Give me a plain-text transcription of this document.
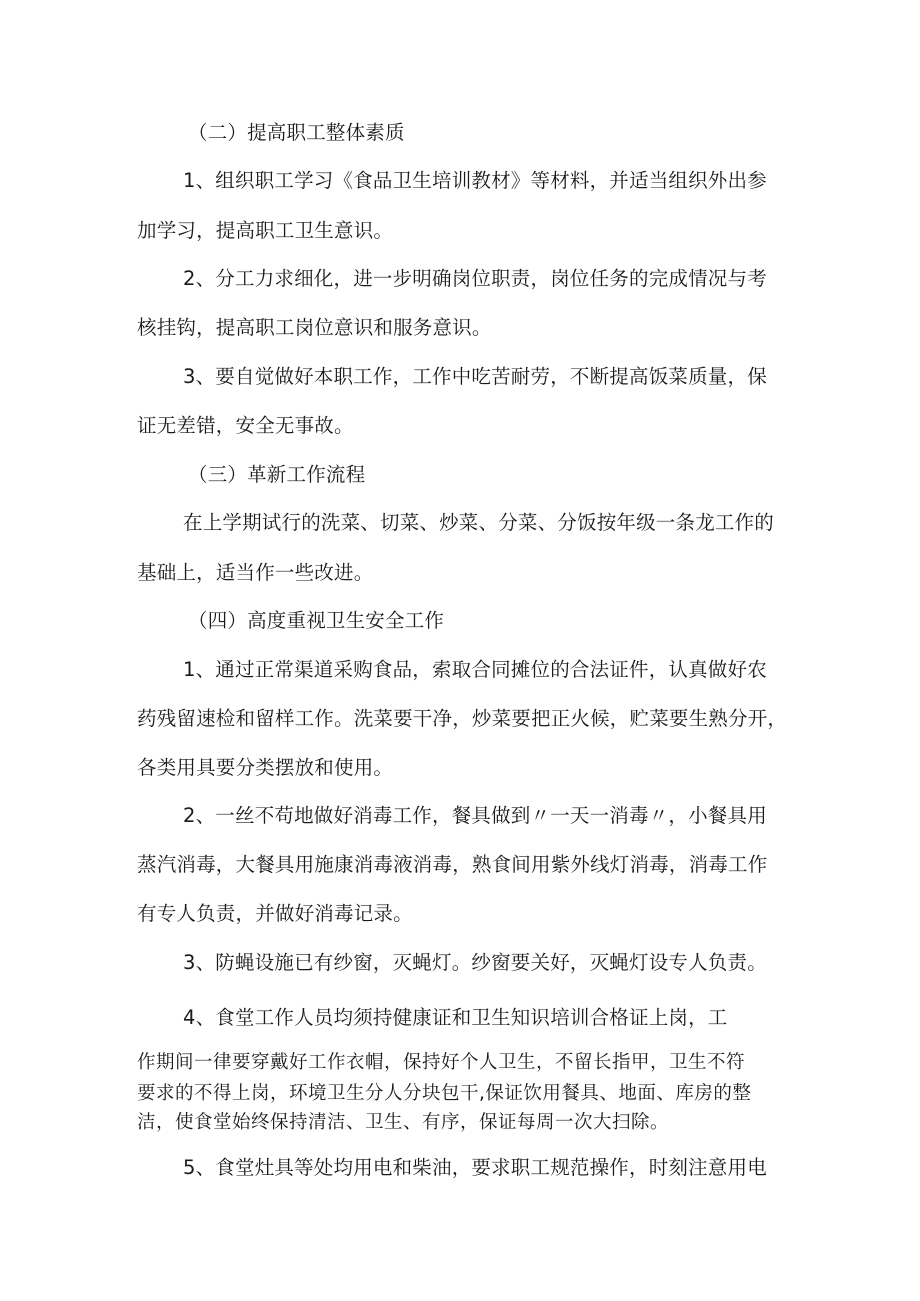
（二）提高职工整体素质
1、组织职工学习《食品卫生培训教材》等材料，并适当组织外出参
加学习，提高职工卫生意识。
2、分工力求细化，进一步明确岗位职责，岗位任务的完成情况与考
核挂钩，提高职工岗位意识和服务意识。
3、要自觉做好本职工作，工作中吃苦耐劳，不断提高饭菜质量，保
证无差错，安全无事故。
（三）革新工作流程
在上学期试行的洗菜、切菜、炒菜、分菜、分饭按年级一条龙工作的
基础上，适当作一些改进。
（四）高度重视卫生安全工作
1、通过正常渠道采购食品，索取合同摊位的合法证件，认真做好农
药残留速检和留样工作。洗菜要干净，炒菜要把正火候，贮菜要生熟分开，
各类用具要分类摆放和使用。
2、一丝不苟地做好消毒工作，餐具做到〃一天一消毒〃，小餐具用
蒸汽消毒，大餐具用施康消毒液消毒，熟食间用紫外线灯消毒，消毒工作
有专人负责，并做好消毒记录。
3、防蝇设施已有纱窗，灭蝇灯。纱窗要关好，灭蝇灯设专人负责。
4、食堂工作人员均须持健康证和卫生知识培训合格证上岗，工
作期间一律要穿戴好工作衣帽，保持好个人卫生，不留长指甲，卫生不符
要求的不得上岗，环境卫生分人分块包干,保证饮用餐具、地面、库房的整
洁，使食堂始终保持清洁、卫生、有序，保证每周一次大扫除。
5、食堂灶具等处均用电和柴油，要求职工规范操作，时刻注意用电
